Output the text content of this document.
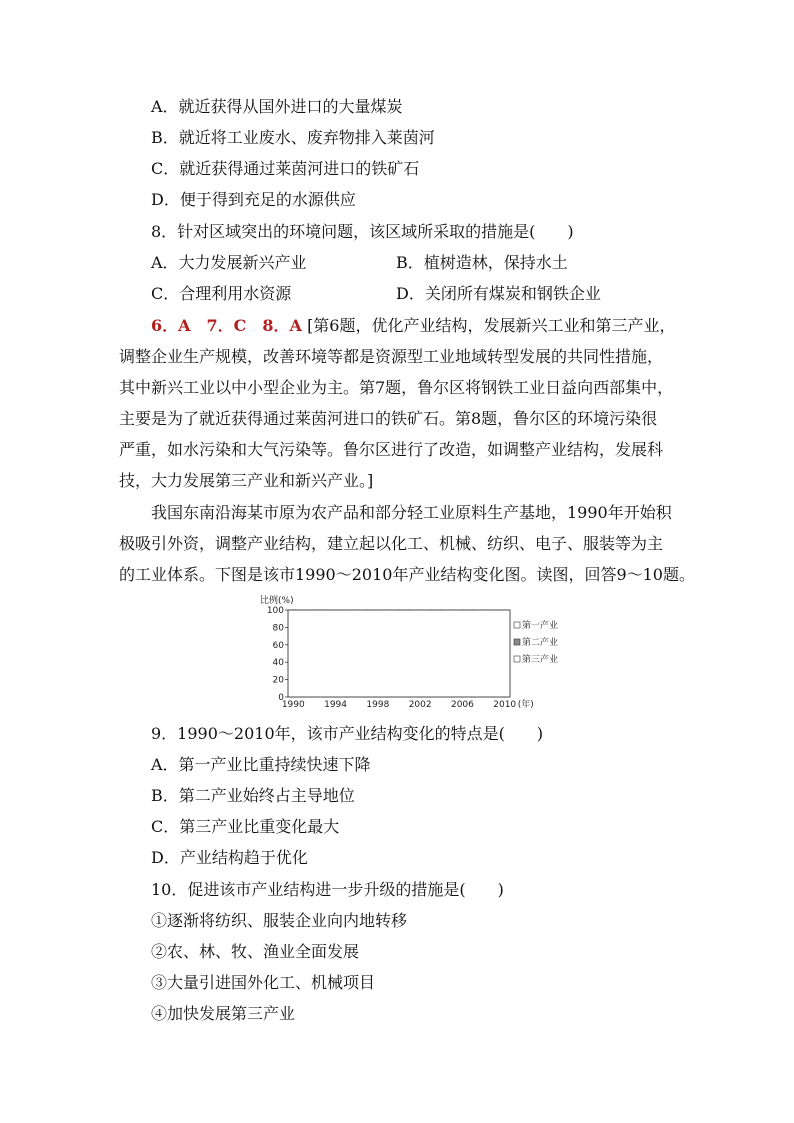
A．就近获得从国外进口的大量煤炭
B．就近将工业废水、废弃物排入莱茵河
C．就近获得通过莱茵河进口的铁矿石
D．便于得到充足的水源供应
8．针对区域突出的环境问题，该区域所采取的措施是(　　)
A．大力发展新兴产业	B．植树造林，保持水土
C．合理利用水资源	D．关闭所有煤炭和钢铁企业
6．A　7．C　8．A [第6题，优化产业结构，发展新兴工业和第三产业，
调整企业生产规模，改善环境等都是资源型工业地域转型发展的共同性措施，
其中新兴工业以中小型企业为主。第7题，鲁尔区将钢铁工业日益向西部集中，
主要是为了就近获得通过莱茵河进口的铁矿石。第8题，鲁尔区的环境污染很
严重，如水污染和大气污染等。鲁尔区进行了改造，如调整产业结构，发展科
技，大力发展第三产业和新兴产业。]
我国东南沿海某市原为农产品和部分轻工业原料生产基地，1990年开始积
极吸引外资，调整产业结构，建立起以化工、机械、纺织、电子、服装等为主
的工业体系。下图是该市1990～2010年产业结构变化图。读图，回答9～10题。
0
20
40
60
80
100
比例(%)
1990 1994 1998 2002 2006 2010 (年)
第一产业
第二产业
第三产业
9．1990～2010年，该市产业结构变化的特点是(　　)
A．第一产业比重持续快速下降
B．第二产业始终占主导地位
C．第三产业比重变化最大
D．产业结构趋于优化
10．促进该市产业结构进一步升级的措施是(　　)
①逐渐将纺织、服装企业向内地转移
②农、林、牧、渔业全面发展
③大量引进国外化工、机械项目
④加快发展第三产业
